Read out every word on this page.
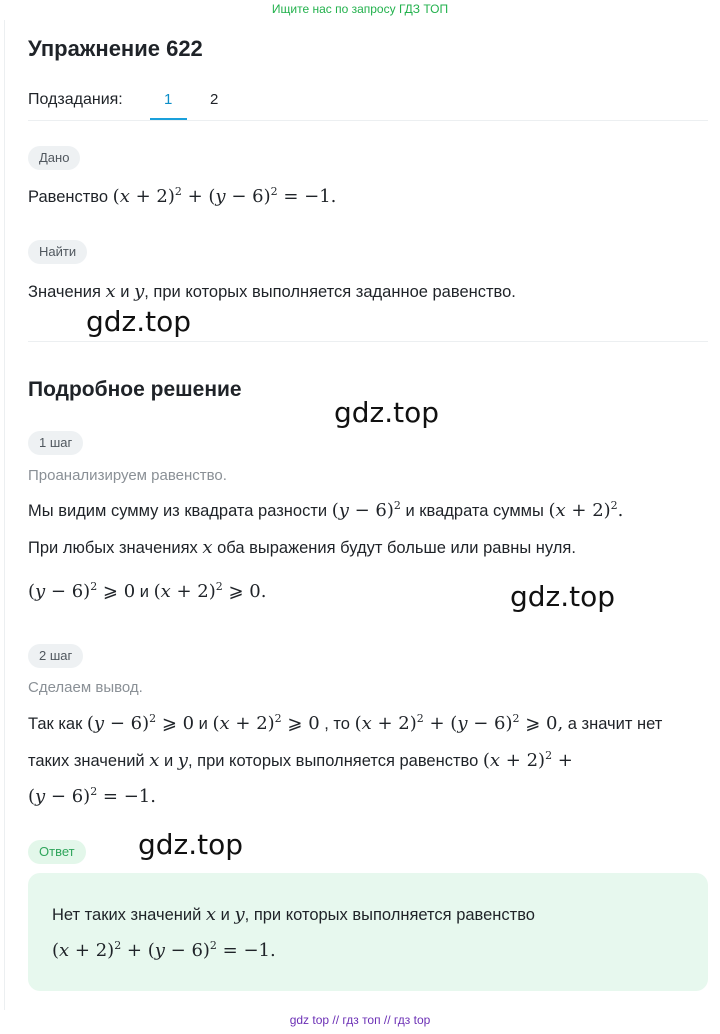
Ищите нас по запросу ГДЗ ТОП
Упражнение 622
Подзадания:	1	2
Дано
Равенство $(x + 2)^2 + (y - 6)^2 = -1$.
Найти
Значения x и y, при которых выполняется заданное равенство.
gdz.top
Подробное решение
gdz.top
1 шаг
Проанализируем равенство.
Мы видим сумму из квадрата разности $(y - 6)^2$ и квадрата суммы $(x + 2)^2$.
При любых значениях x оба выражения будут больше или равны нуля.
$(y - 6)^2$ ⩾ 0 и $(x + 2)^2$ ⩾ 0.	gdz.top
2 шаг
Сделаем вывод.
Так как $(y - 6)^2$ ⩾ 0 и $(x + 2)^2$ ⩾ 0 , то $(x + 2)^2 + (y - 6)^2$ ⩾ 0, а значит нет
таких значений x и y, при которых выполняется равенство $(x + 2)^2$ +
$(y - 6)^2 = -1$.
Ответ	gdz.top
Нет таких значений x и y, при которых выполняется равенство
$(x + 2)^2 + (y - 6)^2 = -1$.
gdz top // гдз топ // гдз top
